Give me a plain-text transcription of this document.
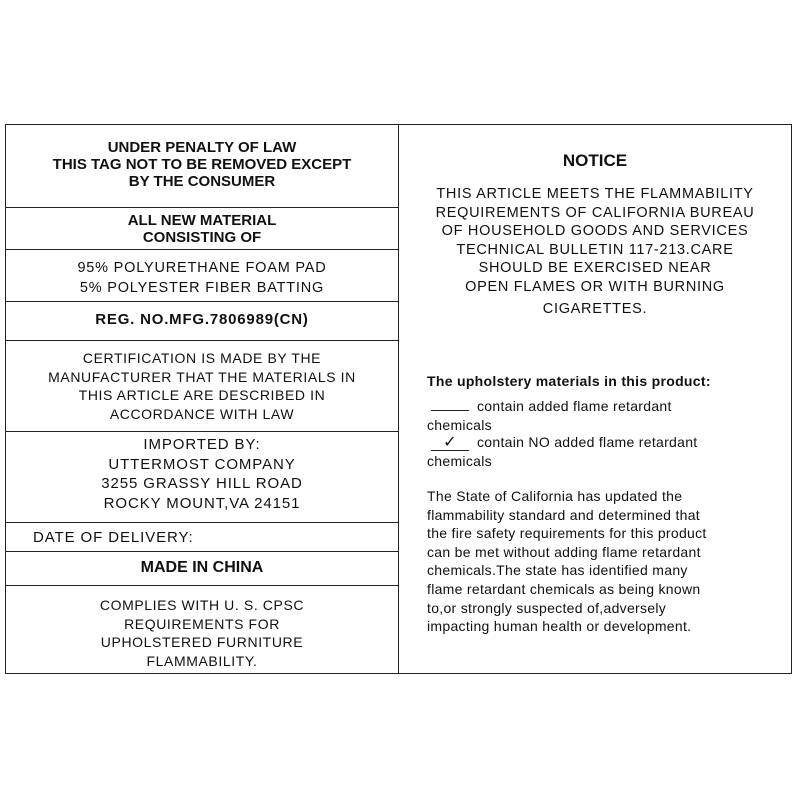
UNDER PENALTY OF LAW
THIS TAG NOT TO BE REMOVED EXCEPT
BY THE CONSUMER
ALL NEW MATERIAL
CONSISTING OF
95% POLYURETHANE FOAM PAD
5% POLYESTER FIBER BATTING
REG. NO.MFG.7806989(CN)
CERTIFICATION IS MADE BY THE
MANUFACTURER THAT THE MATERIALS IN
THIS ARTICLE ARE DESCRIBED IN
ACCORDANCE WITH LAW
IMPORTED BY:
UTTERMOST COMPANY
3255 GRASSY HILL ROAD
ROCKY MOUNT,VA 24151
DATE OF DELIVERY:
MADE IN CHINA
COMPLIES WITH U. S. CPSC
REQUIREMENTS FOR
UPHOLSTERED FURNITURE
FLAMMABILITY.
NOTICE
THIS ARTICLE MEETS THE FLAMMABILITY
REQUIREMENTS OF CALIFORNIA BUREAU
OF HOUSEHOLD GOODS AND SERVICES
TECHNICAL BULLETIN 117-213.CARE
SHOULD BE EXERCISED NEAR
OPEN FLAMES OR WITH BURNING
CIGARETTES.
The upholstery materials in this product:
contain added flame retardant
chemicals
✓ contain NO added flame retardant
chemicals
The State of California has updated the
flammability standard and determined that
the fire safety requirements for this product
can be met without adding flame retardant
chemicals.The state has identified many
flame retardant chemicals as being known
to,or strongly suspected of,adversely
impacting human health or development.
